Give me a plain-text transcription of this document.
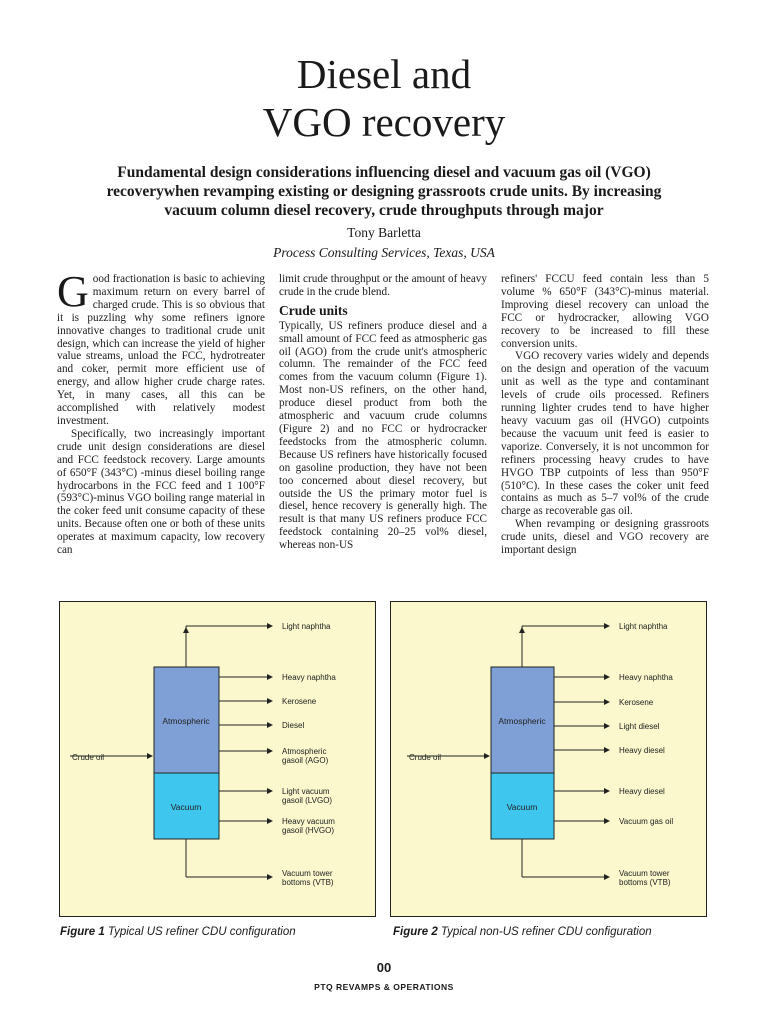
Diesel and
VGO recovery
Fundamental design considerations influencing diesel and vacuum gas oil (VGO) recoverywhen revamping existing or designing grassroots crude units. By increasing vacuum column diesel recovery, crude throughputs through major
Tony Barletta
Process Consulting Services, Texas, USA

Good fractionation is basic to achieving maximum return on every barrel of charged crude. This is so obvious that it is puzzling why some refiners ignore innovative changes to traditional crude unit design, which can increase the yield of higher value streams, unload the FCC, hydrotreater and coker, permit more efficient use of energy, and allow higher crude charge rates. Yet, in many cases, all this can be accomplished with relatively modest investment.

Specifically, two increasingly important crude unit design considerations are diesel and FCC feedstock recovery. Large amounts of 650°F (343°C) -minus diesel boiling range hydrocarbons in the FCC feed and 1 100°F (593°C)-minus VGO boiling range material in the coker feed unit consume capacity of these units. Because often one or both of these units operates at maximum capacity, low recovery can

limit crude throughput or the amount of heavy crude in the crude blend.

Crude units

Typically, US refiners produce diesel and a small amount of FCC feed as atmospheric gas oil (AGO) from the crude unit's atmospheric column. The remainder of the FCC feed comes from the vacuum column (Figure 1). Most non-US refiners, on the other hand, produce diesel product from both the atmospheric and vacuum crude columns (Figure 2) and no FCC or hydrocracker feedstocks from the atmospheric column. Because US refiners have historically focused on gasoline production, they have not been too concerned about diesel recovery, but outside the US the primary motor fuel is diesel, hence recovery is generally high. The result is that many US refiners produce FCC feedstock containing 20–25 vol% diesel, whereas non-US

refiners' FCCU feed contain less than 5 volume % 650°F (343°C)-minus material. Improving diesel recovery can unload the FCC or hydrocracker, allowing VGO recovery to be increased to fill these conversion units.

VGO recovery varies widely and depends on the design and operation of the vacuum unit as well as the type and contaminant levels of crude oils processed. Refiners running lighter crudes tend to have higher heavy vacuum gas oil (HVGO) cutpoints because the vacuum unit feed is easier to vaporize. Conversely, it is not uncommon for refiners processing heavy crudes to have HVGO TBP cutpoints of less than 950°F (510°C). In these cases the coker unit feed contains as much as 5–7 vol% of the crude charge as recoverable gas oil.

When revamping or designing grassroots crude units, diesel and VGO recovery are important design

Atmospheric
Vacuum
Crude oil
Light naphtha
Heavy naphtha
Kerosene
Diesel
Atmospheric
gasoil (AGO)
Light vacuum
gasoil (LVGO)
Heavy vacuum
gasoil (HVGO)
Vacuum tower
bottoms (VTB)
Atmospheric
Vacuum
Crude oil
Light naphtha
Heavy naphtha
Kerosene
Light diesel
Heavy diesel
Heavy diesel
Vacuum gas oil
Vacuum tower
bottoms (VTB)
Figure 1 Typical US refiner CDU configuration	Figure 2 Typical non-US refiner CDU configuration
00
PTQ REVAMPS & OPERATIONS
